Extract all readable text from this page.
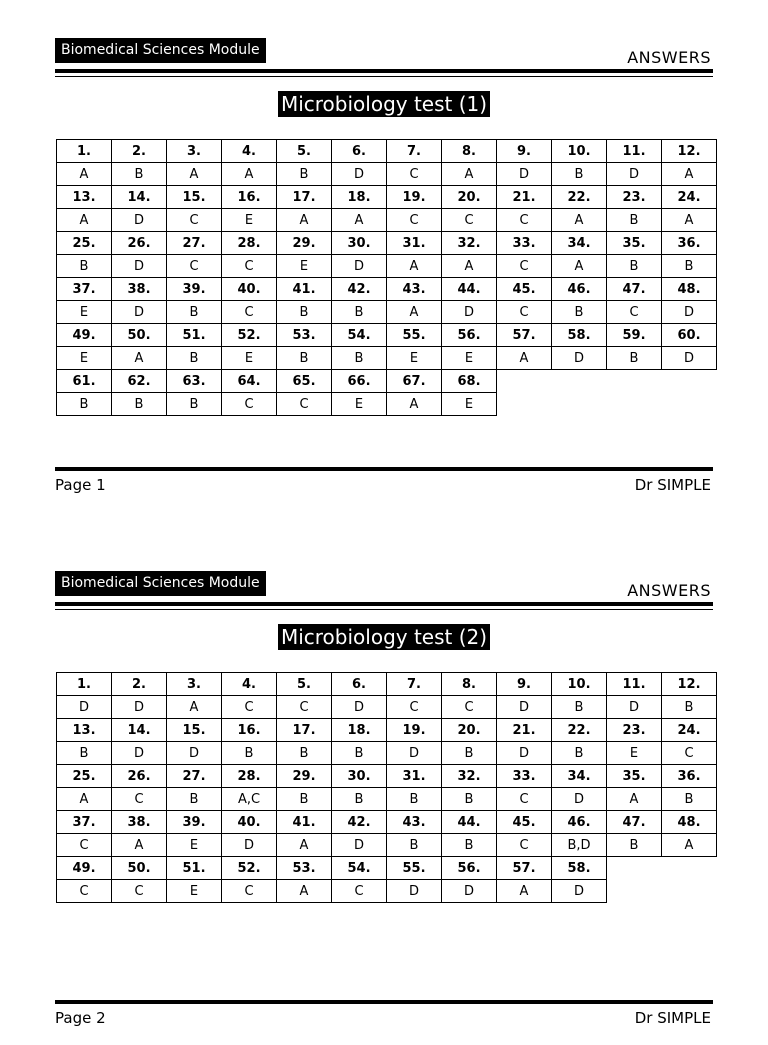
Biomedical Sciences Module	ANSWERS
Microbiology test (1)
1.	2.	3.	4.	5.	6.	7.	8.	9.	10.	11.	12.
A	B	A	A	B	D	C	A	D	B	D	A
13.	14.	15.	16.	17.	18.	19.	20.	21.	22.	23.	24.
A	D	C	E	A	A	C	C	C	A	B	A
25.	26.	27.	28.	29.	30.	31.	32.	33.	34.	35.	36.
B	D	C	C	E	D	A	A	C	A	B	B
37.	38.	39.	40.	41.	42.	43.	44.	45.	46.	47.	48.
E	D	B	C	B	B	A	D	C	B	C	D
49.	50.	51.	52.	53.	54.	55.	56.	57.	58.	59.	60.
E	A	B	E	B	B	E	E	A	D	B	D
61.	62.	63.	64.	65.	66.	67.	68.				
B	B	B	C	C	E	A	E				
Page 1	Dr SIMPLE
Biomedical Sciences Module	ANSWERS
Microbiology test (2)
1.	2.	3.	4.	5.	6.	7.	8.	9.	10.	11.	12.
D	D	A	C	C	D	C	C	D	B	D	B
13.	14.	15.	16.	17.	18.	19.	20.	21.	22.	23.	24.
B	D	D	B	B	B	D	B	D	B	E	C
25.	26.	27.	28.	29.	30.	31.	32.	33.	34.	35.	36.
A	C	B	A,C	B	B	B	B	C	D	A	B
37.	38.	39.	40.	41.	42.	43.	44.	45.	46.	47.	48.
C	A	E	D	A	D	B	B	C	B,D	B	A
49.	50.	51.	52.	53.	54.	55.	56.	57.	58.		
C	C	E	C	A	C	D	D	A	D		
Page 2	Dr SIMPLE
